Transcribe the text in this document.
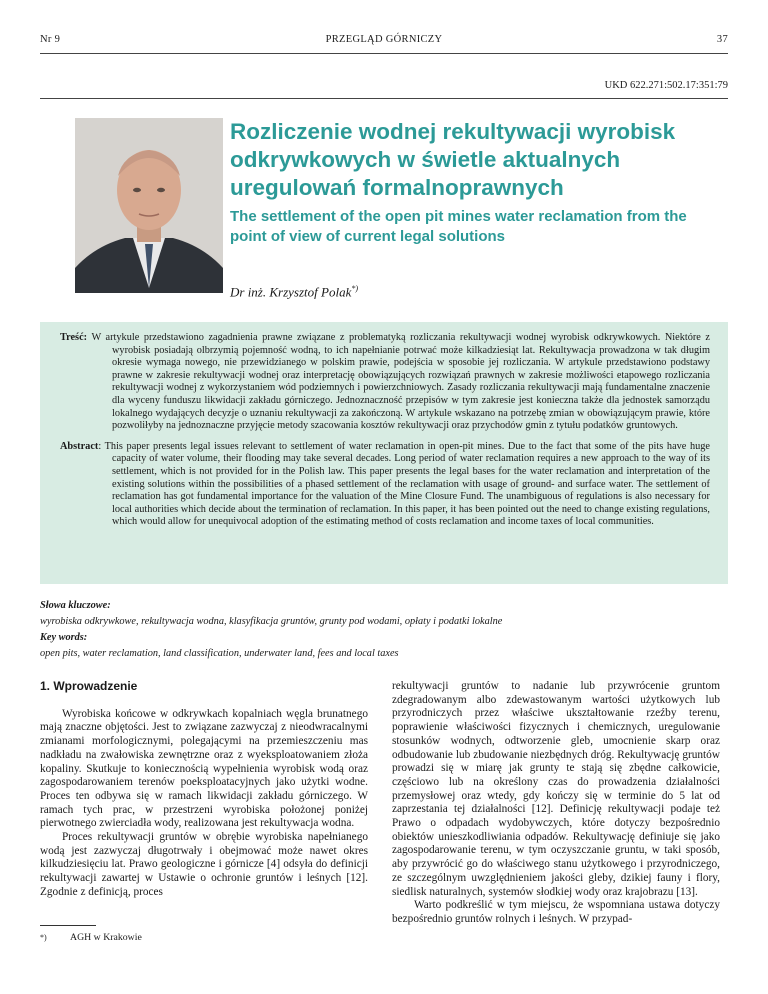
Nr 9	PRZEGLĄD GÓRNICZY	37
UKD 622.271:502.17:351:79
Rozliczenie wodnej rekultywacji wyrobisk odkrywkowych w świetle aktualnych uregulowań formalnoprawnych
The settlement of the open pit mines water reclamation from the point of view of current legal solutions
Dr inż. Krzysztof Polak*)

Treść: W artykule przedstawiono zagadnienia prawne związane z problematyką rozliczania rekultywacji wodnej wyrobisk odkrywkowych. Niektóre z wyrobisk posiadają olbrzymią pojemność wodną, to ich napełnianie potrwać może kilkadziesiąt lat. Rekultywacja prowadzona w tak długim okresie wymaga nowego, nie przewidzianego w polskim prawie, podejścia w sposobie jej rozliczania. W artykule przedstawiono podstawy prawne w zakresie rekultywacji wodnej oraz interpretację obowiązujących rozwiązań prawnych w zakresie możliwości etapowego rozliczania rekultywacji wodnej z wykorzystaniem wód podziemnych i powierzchniowych. Zasady rozliczania rekultywacji mają fundamentalne znaczenie dla wyceny funduszu likwidacji zakładu górniczego. Jednoznaczność przepisów w tym zakresie jest konieczna także dla jednostek samorządu lokalnego wydających decyzje o uznaniu rekultywacji za zakończoną. W artykule wskazano na potrzebę zmian w obowiązującym prawie, które pozwoliłyby na jednoznaczne przyjęcie metody szacowania kosztów rekultywacji oraz przychodów gmin z tytułu podatków gruntowych.

Abstract: This paper presents legal issues relevant to settlement of water reclamation in open-pit mines. Due to the fact that some of the pits have huge capacity of water volume, their flooding may take several decades. Long period of water reclamation requires a new approach to the way of its settlement, which is not provided for in the Polish law. This paper presents the legal bases for the water reclamation and interpretation of the existing solutions within the possibilities of a phased settlement of the reclamation with usage of ground- and surface water. The settlement of reclamation has got fundamental importance for the valuation of the Mine Closure Fund. The unambiguous of regulations is also necessary for local authorities which decide about the termination of reclamation. In this paper, it has been pointed out the need to change existing regulations, which would allow for unequivocal adoption of the estimating method of costs reclamation and income taxes of local communities.

Słowa kluczowe:
wyrobiska odkrywkowe, rekultywacja wodna, klasyfikacja gruntów, grunty pod wodami, opłaty i podatki lokalne
Key words:
open pits, water reclamation, land classification, underwater land, fees and local taxes
1. Wprowadzenie

Wyrobiska końcowe w odkrywkach kopalniach węgla brunatnego mają znaczne objętości. Jest to związane zazwyczaj z nieodwracalnymi zmianami morfologicznymi, polegającymi na przemieszczeniu mas nadkładu na zwałowiska zewnętrzne oraz z wyeksploatowaniem złoża kopaliny. Skutkuje to koniecznością wypełnienia wyrobisk wodą oraz zagospodarowaniem terenów poeksploatacyjnych jako użytki wodne. Proces ten odbywa się w ramach likwidacji zakładu górniczego. W ramach tych prac, w przestrzeni wyrobiska położonej poniżej pierwotnego zwierciadła wody, realizowana jest rekultywacja wodna.

Proces rekultywacji gruntów w obrębie wyrobiska napełnianego wodą jest zazwyczaj długotrwały i obejmować może nawet okres kilkudziesięciu lat. Prawo geologiczne i górnicze [4] odsyła do definicji rekultywacji zawartej w Ustawie o ochronie gruntów i leśnych [12]. Zgodnie z definicją, proces

rekultywacji gruntów to nadanie lub przywrócenie gruntom zdegradowanym albo zdewastowanym wartości użytkowych lub przyrodniczych przez właściwe ukształtowanie rzeźby terenu, poprawienie właściwości fizycznych i chemicznych, uregulowanie stosunków wodnych, odtworzenie gleb, umocnienie skarp oraz odbudowanie lub zbudowanie niezbędnych dróg. Rekultywację gruntów prowadzi się w miarę jak grunty te stają się zbędne całkowicie, częściowo lub na określony czas do prowadzenia działalności przemysłowej oraz wtedy, gdy kończy się w terminie do 5 lat od zaprzestania tej działalności [12]. Definicję rekultywacji podaje też Prawo o odpadach wydobywczych, które dotyczy bezpośrednio obiektów unieszkodliwiania odpadów. Rekultywację definiuje się jako zagospodarowanie terenu, w tym oczyszczanie gruntu, w taki sposób, aby przywrócić go do właściwego stanu użytkowego i przyrodniczego, ze szczególnym uwzględnieniem jakości gleby, dzikiej fauny i flory, siedlisk naturalnych, systemów słodkiej wody oraz krajobrazu [13].

Warto podkreślić w tym miejscu, że wspomniana ustawa dotyczy bezpośrednio gruntów rolnych i leśnych. W przypad-

*) AGH w Krakowie
